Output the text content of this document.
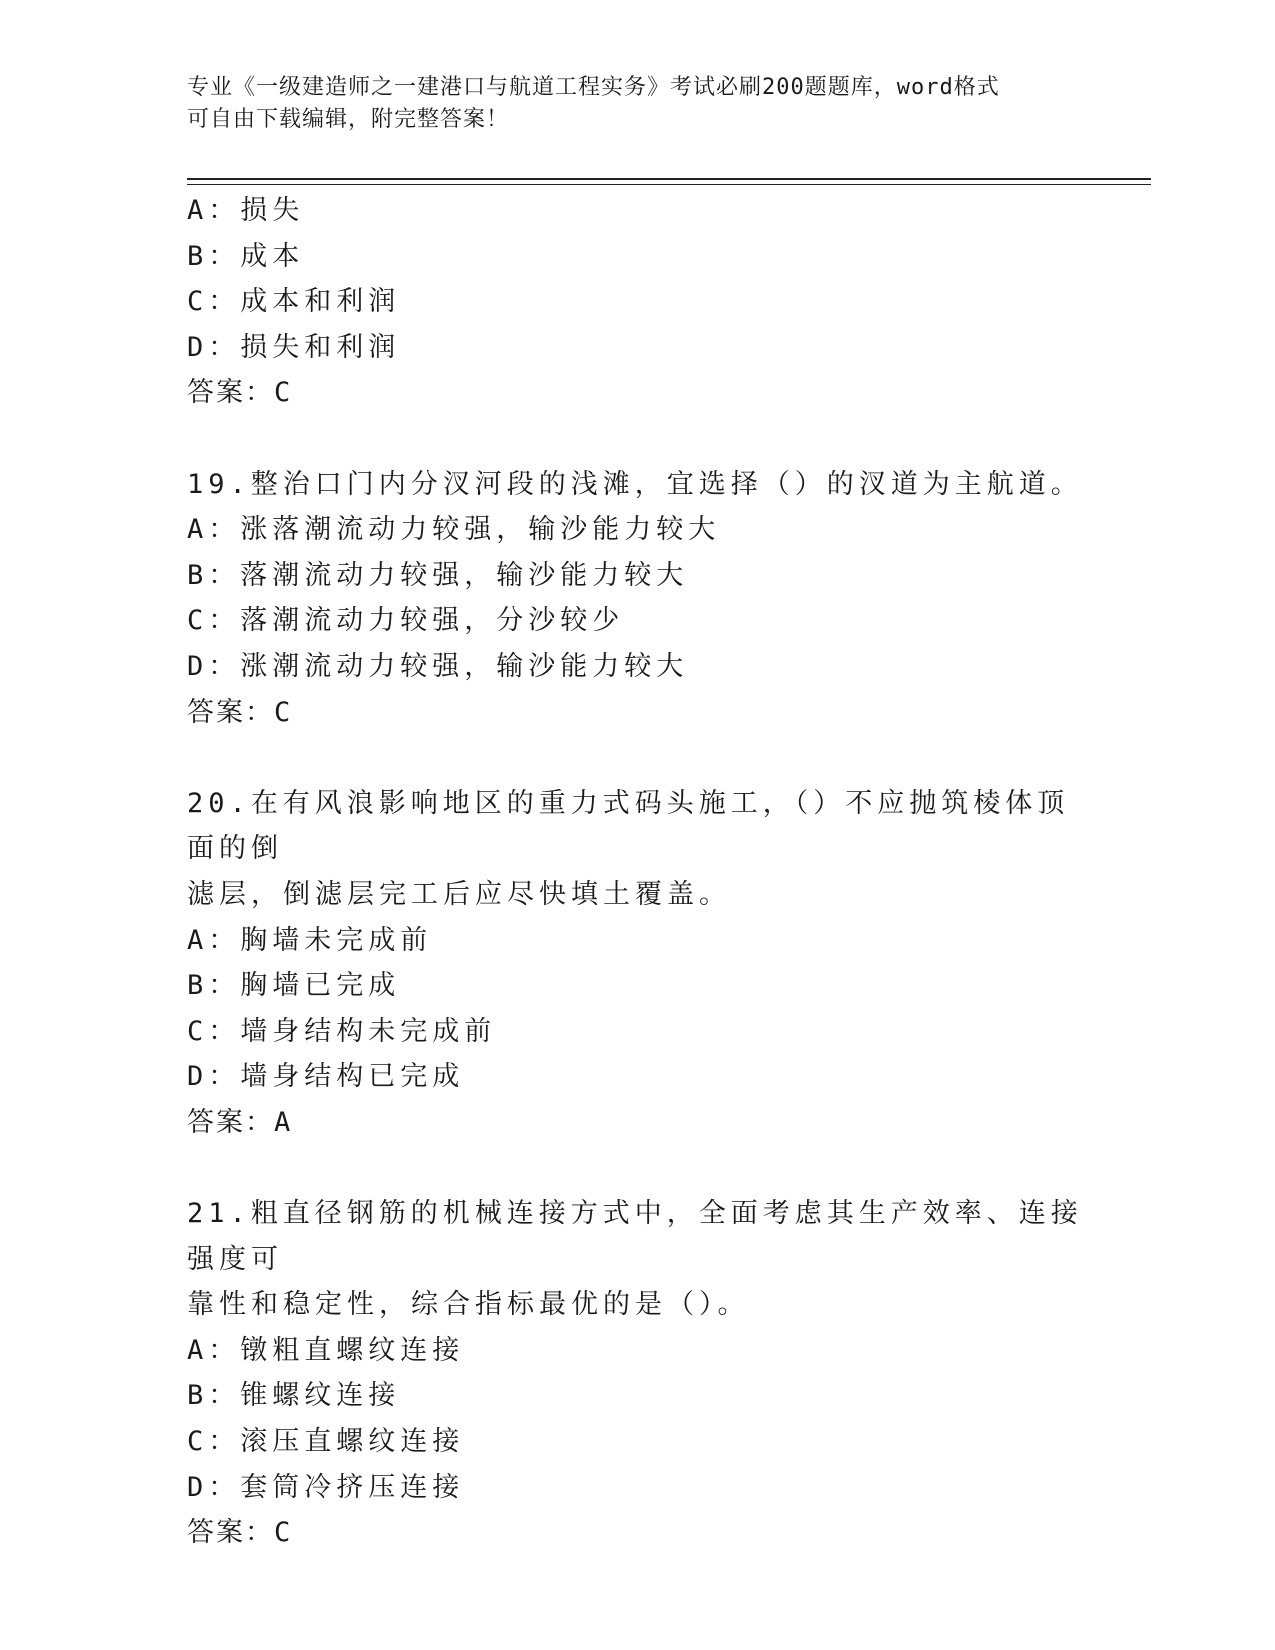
专业《一级建造师之一建港口与航道工程实务》考试必刷200题题库，word格式
可自由下载编辑，附完整答案！
A：损失
B：成本
C：成本和利润
D：损失和利润
答案：C
19.整治口门内分汊河段的浅滩，宜选择（）的汊道为主航道。
A：涨落潮流动力较强，输沙能力较大
B：落潮流动力较强，输沙能力较大
C：落潮流动力较强，分沙较少
D：涨潮流动力较强，输沙能力较大
答案：C
20.在有风浪影响地区的重力式码头施工，（）不应抛筑棱体顶面的倒
滤层，倒滤层完工后应尽快填土覆盖。
A：胸墙未完成前
B：胸墙已完成
C：墙身结构未完成前
D：墙身结构已完成
答案：A
21.粗直径钢筋的机械连接方式中，全面考虑其生产效率、连接强度可
靠性和稳定性，综合指标最优的是（）。
A：镦粗直螺纹连接
B：锥螺纹连接
C：滚压直螺纹连接
D：套筒冷挤压连接
答案：C
